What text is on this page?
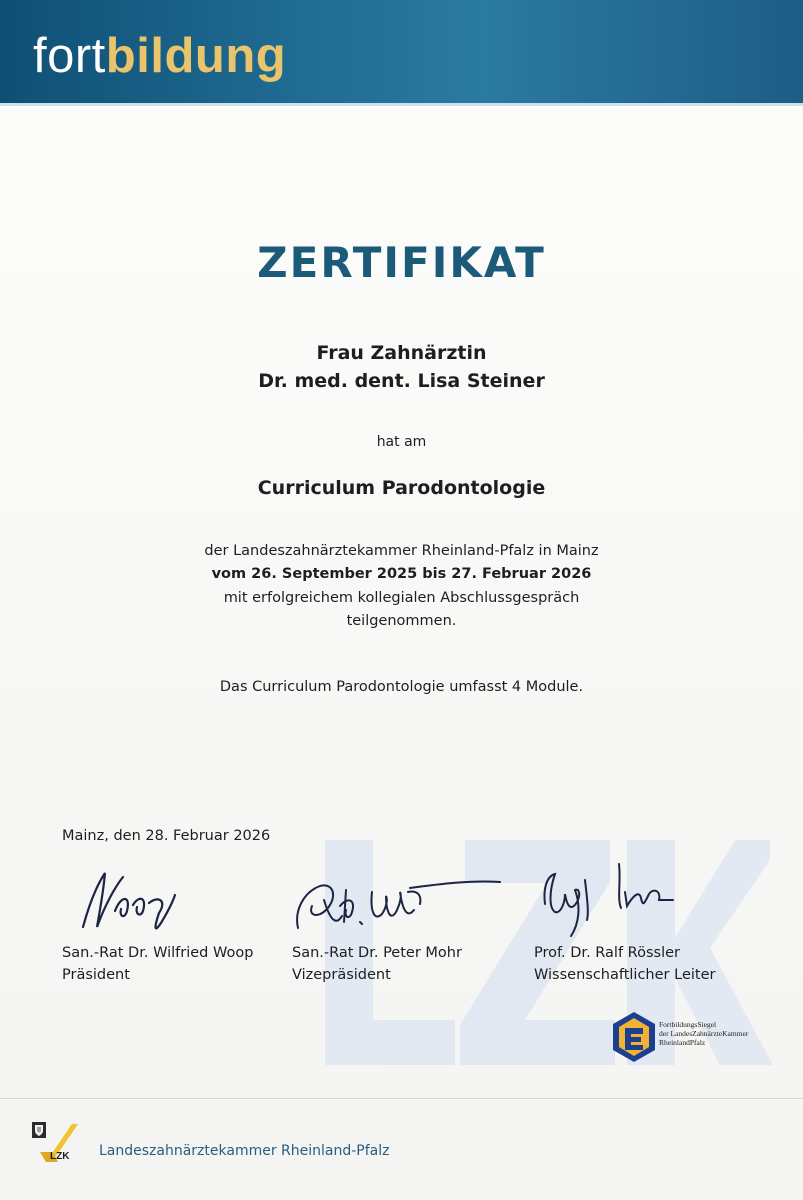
fortbildung
ZERTIFIKAT
Frau Zahnärztin
Dr. med. dent. Lisa Steiner
hat am
Curriculum Parodontologie
der Landeszahnärztekammer Rheinland-Pfalz in Mainz
vom 26. September 2025 bis 27. Februar 2026
mit erfolgreichem kollegialen Abschlussgespräch
teilgenommen.
Das Curriculum Parodontologie umfasst 4 Module.
Mainz, den 28. Februar 2026
San.-Rat Dr. Wilfried Woop
Präsident
San.-Rat Dr. Peter Mohr
Vizepräsident
Prof. Dr. Ralf Rössler
Wissenschaftlicher Leiter
FortbildungsSiegel
der LandesZahnärzteKammer
RheinlandPfalz
LZK Landeszahnärztekammer Rheinland-Pfalz
